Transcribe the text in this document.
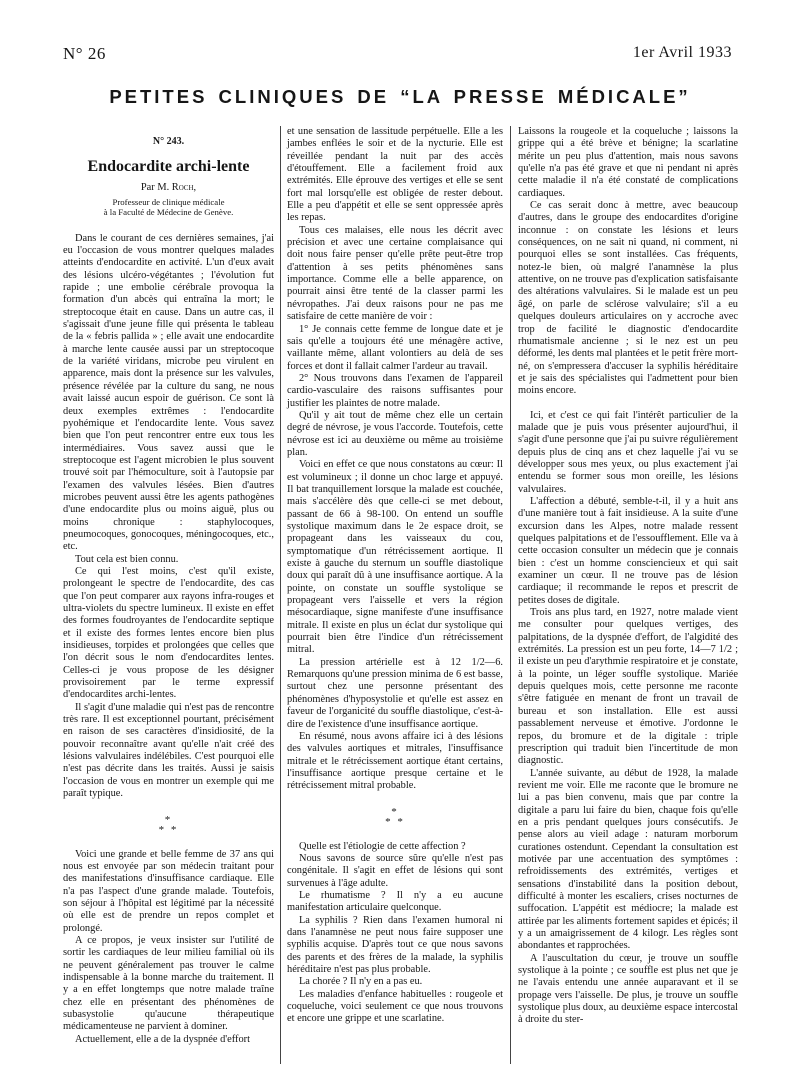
N° 26	1er Avril 1933
PETITES CLINIQUES DE “LA PRESSE MÉDICALE”
N° 243.
Endocardite archi-lente
Par M. Roch,
Professeur de clinique médicale
à la Faculté de Médecine de Genève.

Dans le courant de ces dernières semaines, j'ai eu l'occasion de vous montrer quelques malades atteints d'endocardite en activité. L'un d'eux avait des lésions ulcéro-végétantes ; l'évolution fut rapide ; une embolie cérébrale provoqua la formation d'un abcès qui entraîna la mort; le streptocoque était en cause. Dans un autre cas, il s'agissait d'une jeune fille qui présenta le tableau de la « febris pallida » ; elle avait une endocardite à marche lente causée aussi par un streptocoque de la variété viridans, microbe peu virulent en apparence, mais dont la présence sur les valvules, présence révélée par la culture du sang, ne nous avait laissé aucun espoir de guérison. Ce sont là deux exemples extrêmes : l'endocardite pyohémique et l'endocardite lente. Vous savez bien que l'on peut rencontrer entre eux tous les intermédiaires. Vous savez aussi que le streptocoque est l'agent microbien le plus souvent trouvé soit par l'hémoculture, soit à l'autopsie par l'examen des valvules lésées. Bien d'autres microbes peuvent aussi être les agents pathogènes d'une endocardite plus ou moins aiguë, plus ou moins chronique : staphylocoques, pneumocoques, gonocoques, méningocoques, etc., etc.

Tout cela est bien connu.

Ce qui l'est moins, c'est qu'il existe, prolongeant le spectre de l'endocardite, des cas que l'on peut comparer aux rayons infra-rouges et ultra-violets du spectre lumineux. Il existe en effet des formes foudroyantes de l'endocardite septique et il existe des formes lentes encore bien plus insidieuses, torpides et prolongées que celles que l'on décrit sous le nom d'endocardites lentes. Celles-ci je vous propose de les désigner provisoirement par le terme expressif d'endocardites archi-lentes.

Il s'agit d'une maladie qui n'est pas de rencontre très rare. Il est exceptionnel pourtant, précisément en raison de ses caractères d'insidiosité, de la pouvoir reconnaître avant qu'elle n'ait créé des lésions valvulaires indélébiles. C'est pourquoi elle n'est pas décrite dans les traités. Aussi je saisis l'occasion de vous en montrer un exemple qui me paraît typique.

*
* *

Voici une grande et belle femme de 37 ans qui nous est envoyée par son médecin traitant pour des manifestations d'insuffisance cardiaque. Elle n'a pas l'aspect d'une grande malade. Toutefois, son séjour à l'hôpital est légitimé par la nécessité où elle est de prendre un repos complet et prolongé.

A ce propos, je veux insister sur l'utilité de sortir les cardiaques de leur milieu familial où ils ne peuvent généralement pas trouver le calme indispensable à la bonne marche du traitement. Il y a en effet longtemps que notre malade traîne chez elle en présentant des phénomènes de subasystolie qu'aucune thérapeutique médicamenteuse ne parvient à dominer.

Actuellement, elle a de la dyspnée d'effort

et une sensation de lassitude perpétuelle. Elle a les jambes enflées le soir et de la nycturie. Elle est réveillée pendant la nuit par des accès d'étouffement. Elle a facilement froid aux extrémités. Elle éprouve des vertiges et elle se sent fort mal lorsqu'elle est obligée de rester debout. Elle a peu d'appétit et elle se sent oppressée après les repas.

Tous ces malaises, elle nous les décrit avec précision et avec une certaine complaisance qui doit nous faire penser qu'elle prête peut-être trop d'attention à ses petits phénomènes sans importance. Comme elle a belle apparence, on pourrait ainsi être tenté de la classer parmi les névropathes. J'ai deux raisons pour ne pas me satisfaire de cette manière de voir :

1° Je connais cette femme de longue date et je sais qu'elle a toujours été une ménagère active, vaillante même, allant volontiers au delà de ses forces et dont il fallait calmer l'ardeur au travail.

2° Nous trouvons dans l'examen de l'appareil cardio-vasculaire des raisons suffisantes pour justifier les plaintes de notre malade.

Qu'il y ait tout de même chez elle un certain degré de névrose, je vous l'accorde. Toutefois, cette névrose est ici au deuxième ou même au troisième plan.

Voici en effet ce que nous constatons au cœur: Il est volumineux ; il donne un choc large et appuyé. Il bat tranquillement lorsque la malade est couchée, mais s'accélère dès que celle-ci se met debout, passant de 66 à 98-100. On entend un souffle systolique maximum dans le 2e espace droit, se propageant dans les vaisseaux du cou, symptomatique d'un rétrécissement aortique. Il existe à gauche du sternum un souffle diastolique doux qui paraît dû à une insuffisance aortique. A la pointe, on constate un souffle systolique se propageant vers l'aisselle et vers la région mésocardiaque, signe manifeste d'une insuffisance mitrale. Il existe en plus un éclat dur systolique qui pourrait bien être l'indice d'un rétrécissement mitral.

La pression artérielle est à 12 1/2—6. Remarquons qu'une pression minima de 6 est basse, surtout chez une personne présentant des phénomènes d'hyposystolie et qu'elle est assez en faveur de l'organicité du souffle diastolique, c'est-à-dire de l'existence d'une insuffisance aortique.

En résumé, nous avons affaire ici à des lésions des valvules aortiques et mitrales, l'insuffisance mitrale et le rétrécissement aortique étant certains, l'insuffisance aortique presque certaine et le rétrécissement mitral probable.

*
* *

Quelle est l'étiologie de cette affection ?

Nous savons de source sûre qu'elle n'est pas congénitale. Il s'agit en effet de lésions qui sont survenues à l'âge adulte.

Le rhumatisme ? Il n'y a eu aucune manifestation articulaire quelconque.

La syphilis ? Rien dans l'examen humoral ni dans l'anamnèse ne peut nous faire supposer une syphilis acquise. D'après tout ce que nous savons des parents et des frères de la malade, la syphilis héréditaire n'est pas plus probable.

La chorée ? Il n'y en a pas eu.

Les maladies d'enfance habituelles : rougeole et coqueluche, voici seulement ce que nous trouvons et encore une grippe et une scarlatine.

Laissons la rougeole et la coqueluche ; laissons la grippe qui a été brève et bénigne; la scarlatine mérite un peu plus d'attention, mais nous savons qu'elle n'a pas été grave et que ni pendant ni après cette maladie il n'a été constaté de complications cardiaques.

Ce cas serait donc à mettre, avec beaucoup d'autres, dans le groupe des endocardites d'origine inconnue : on constate les lésions et leurs conséquences, on ne sait ni quand, ni comment, ni pourquoi elles se sont installées. Cas fréquents, notez-le bien, où malgré l'anamnèse la plus attentive, on ne trouve pas d'explication satisfaisante des altérations valvulaires. Si le malade est un peu âgé, on parle de sclérose valvulaire; s'il a eu quelques douleurs articulaires on y accroche avec trop de facilité le diagnostic d'endocardite rhumatismale ancienne ; si le nez est un peu déformé, les dents mal plantées et le petit frère mort-né, on s'empressera d'accuser la syphilis héréditaire et je sais des spécialistes qui l'admettent pour bien moins encore.

Ici, et c'est ce qui fait l'intérêt particulier de la malade que je puis vous présenter aujourd'hui, il s'agit d'une personne que j'ai pu suivre régulièrement depuis plus de cinq ans et chez laquelle j'ai vu se développer sous mes yeux, ou plus exactement j'ai entendu se former sous mon oreille, les lésions valvulaires.

L'affection a débuté, semble-t-il, il y a huit ans d'une manière tout à fait insidieuse. A la suite d'une excursion dans les Alpes, notre malade ressent quelques palpitations et de l'essoufflement. Elle va à cette occasion consulter un médecin que je connais bien : c'est un homme consciencieux et qui sait examiner un cœur. Il ne trouve pas de lésion cardiaque; il recommande le repos et prescrit de petites doses de digitale.

Trois ans plus tard, en 1927, notre malade vient me consulter pour quelques vertiges, des palpitations, de la dyspnée d'effort, de l'algidité des extrémités. La pression est un peu forte, 14—7 1/2 ; il existe un peu d'arythmie respiratoire et je constate, à la pointe, un léger souffle systolique. Mariée depuis quelques mois, cette personne me raconte s'être fatiguée en menant de front un travail de bureau et son installation. Elle est aussi passablement nerveuse et émotive. J'ordonne le repos, du bromure et de la digitale : triple prescription qui traduit bien l'incertitude de mon diagnostic.

L'année suivante, au début de 1928, la malade revient me voir. Elle me raconte que le bromure ne lui a pas bien convenu, mais que par contre la digitale a paru lui faire du bien, chaque fois qu'elle en a pris pendant quelques jours consécutifs. Je pense alors au vieil adage : naturam morborum curationes ostendunt. Cependant la consultation est motivée par une accentuation des symptômes : refroidissements des extrémités, vertiges et sensations d'instabilité dans la position debout, difficulté à monter les escaliers, crises nocturnes de suffocation. L'appétit est médiocre; la malade est attirée par les aliments fortement sapides et épicés; il y a un amaigrissement de 4 kilogr. Les règles sont abondantes et rapprochées.

A l'auscultation du cœur, je trouve un souffle systolique à la pointe ; ce souffle est plus net que je ne l'avais entendu une année auparavant et il se propage vers l'aisselle. De plus, je trouve un souffle systolique plus doux, au deuxième espace intercostal à droite du ster-
